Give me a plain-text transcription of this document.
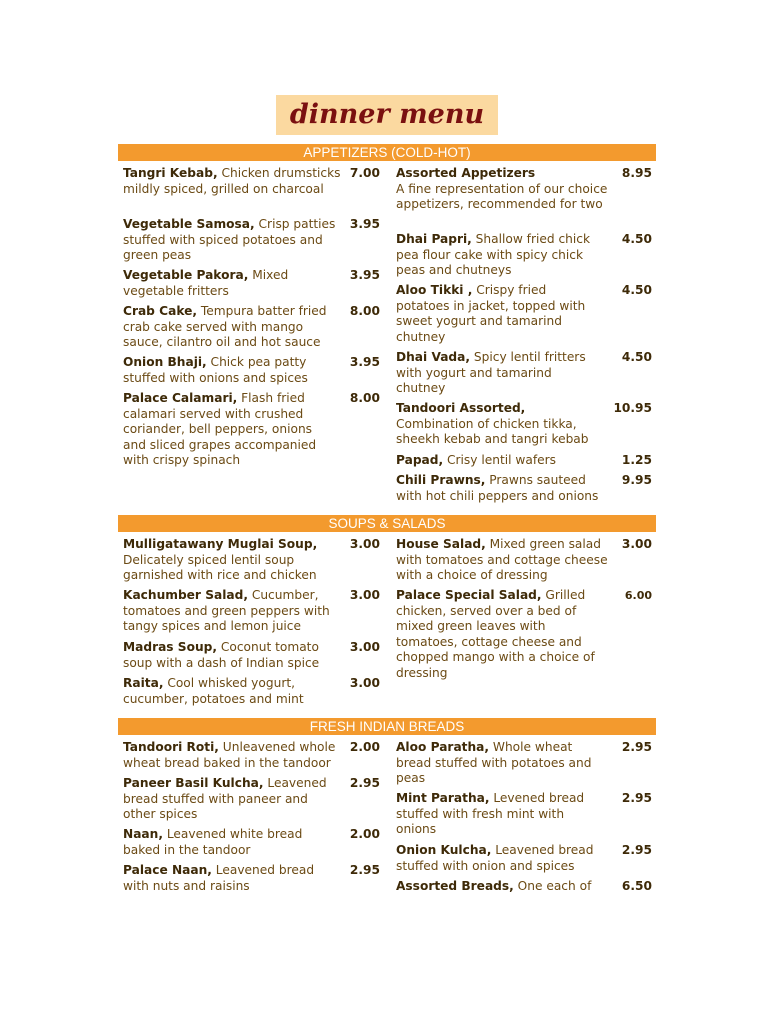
dinner menu
APPETIZERS (COLD-HOT)
Tangri Kebab, Chicken drumsticks mildly spiced, grilled on charcoal
7.00
Vegetable Samosa, Crisp patties stuffed with spiced potatoes and green peas
3.95
Vegetable Pakora, Mixed vegetable fritters
3.95
Crab Cake, Tempura batter fried crab cake served with mango sauce, cilantro oil and hot sauce
8.00
Onion Bhaji, Chick pea patty stuffed with onions and spices
3.95
Palace Calamari, Flash fried calamari served with crushed coriander, bell peppers, onions and sliced grapes accompanied with crispy spinach
8.00
Assorted Appetizers
A fine representation of our choice appetizers, recommended for two
8.95
Dhai Papri, Shallow fried chick pea flour cake with spicy chick peas and chutneys
4.50
Aloo Tikki , Crispy fried potatoes in jacket, topped with sweet yogurt and tamarind chutney
4.50
Dhai Vada, Spicy lentil fritters with yogurt and tamarind chutney
4.50
Tandoori Assorted,
Combination of chicken tikka, sheekh kebab and tangri kebab
10.95
Papad, Crisy lentil wafers	1.25
Chili Prawns, Prawns sauteed with hot chili peppers and onions
9.95
SOUPS & SALADS
Mulligatawany Muglai Soup,
Delicately spiced lentil soup garnished with rice and chicken
3.00
Kachumber Salad, Cucumber, tomatoes and green peppers with tangy spices and lemon juice
3.00
Madras Soup, Coconut tomato soup with a dash of Indian spice
3.00
Raita, Cool whisked yogurt, cucumber, potatoes and mint
3.00
House Salad, Mixed green salad with tomatoes and cottage cheese with a choice of dressing
3.00
Palace Special Salad, Grilled chicken, served over a bed of mixed green leaves with tomatoes, cottage cheese and chopped mango with a choice of dressing
6.00
FRESH INDIAN BREADS
Tandoori Roti, Unleavened whole wheat bread baked in the tandoor
2.00
Paneer Basil Kulcha, Leavened bread stuffed with paneer and other spices
2.95
Naan, Leavened white bread baked in the tandoor
2.00
Palace Naan, Leavened bread with nuts and raisins
2.95
Aloo Paratha, Whole wheat bread stuffed with potatoes and peas
2.95
Mint Paratha, Levened bread stuffed with fresh mint with onions
2.95
Onion Kulcha, Leavened bread stuffed with onion and spices
2.95
Assorted Breads, One each of	6.50
